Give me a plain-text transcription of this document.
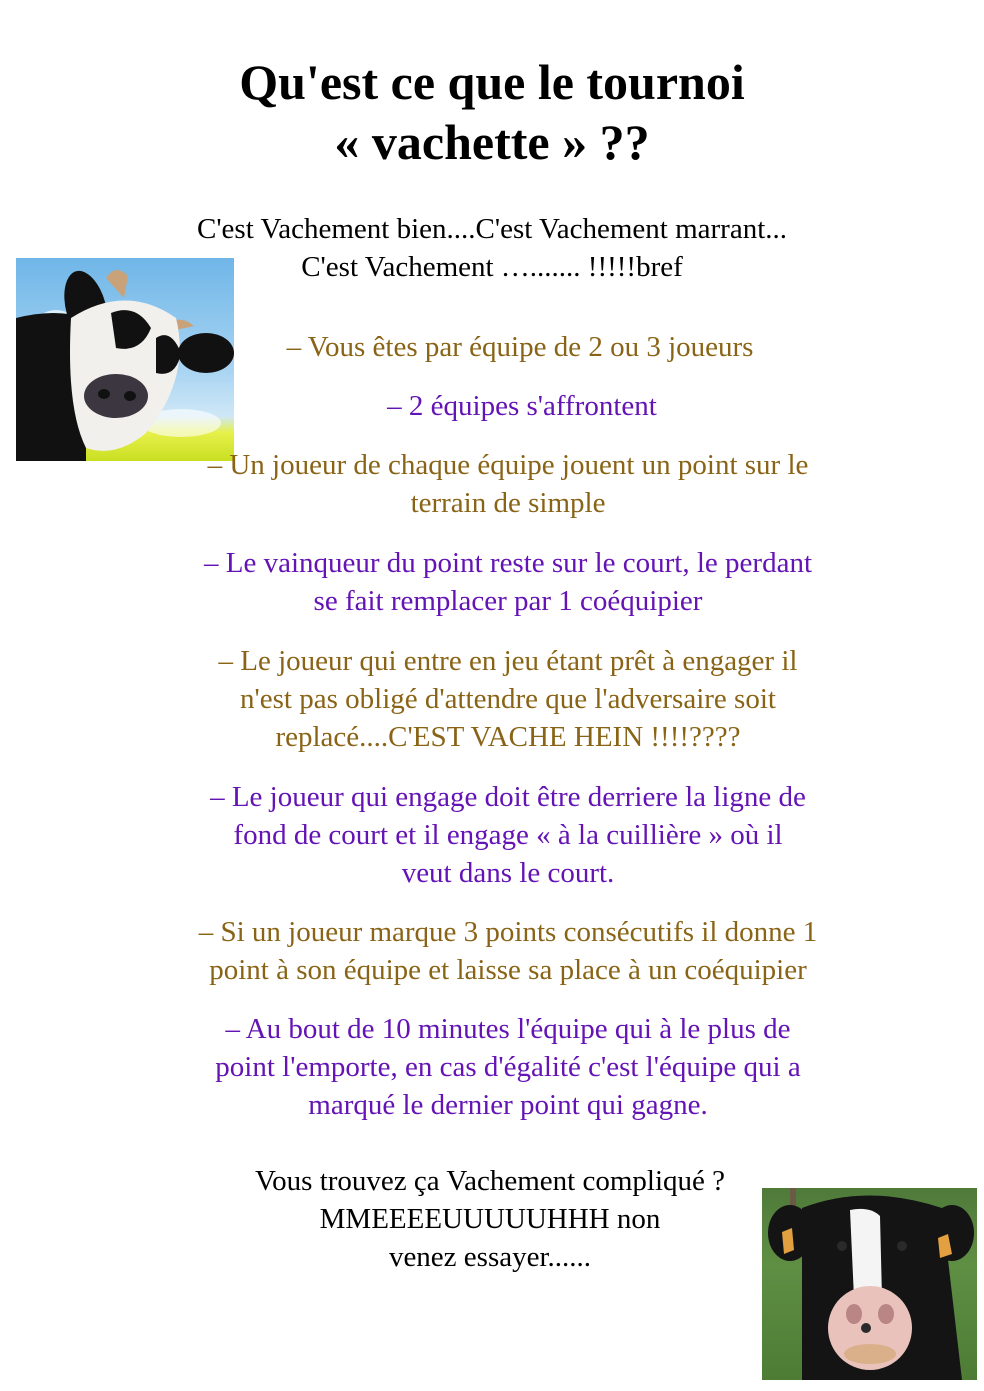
Qu'est ce que le tournoi
« vachette » ??
C'est Vachement bien....C'est Vachement marrant...
C'est Vachement …....... !!!!!bref
– Vous êtes par équipe de 2 ou 3 joueurs
– 2 équipes s'affrontent
– Un joueur de chaque équipe jouent un point sur le
terrain de simple
– Le vainqueur du point reste sur le court, le perdant
se fait remplacer par 1 coéquipier
– Le joueur qui entre en jeu étant prêt à engager il
n'est pas obligé d'attendre que l'adversaire soit
replacé....C'EST VACHE HEIN !!!!????
– Le joueur qui engage doit être derriere la ligne de
fond de court et il engage « à la cuillière » où il
veut dans le court.
– Si un joueur marque 3 points consécutifs il donne 1
point à son équipe et laisse sa place à un coéquipier
– Au bout de 10 minutes l'équipe qui à le plus de
point l'emporte, en cas d'égalité c'est l'équipe qui a
marqué le dernier point qui gagne.
Vous trouvez ça Vachement compliqué ?
MMEEEEUUUUUHHH non
venez essayer......
